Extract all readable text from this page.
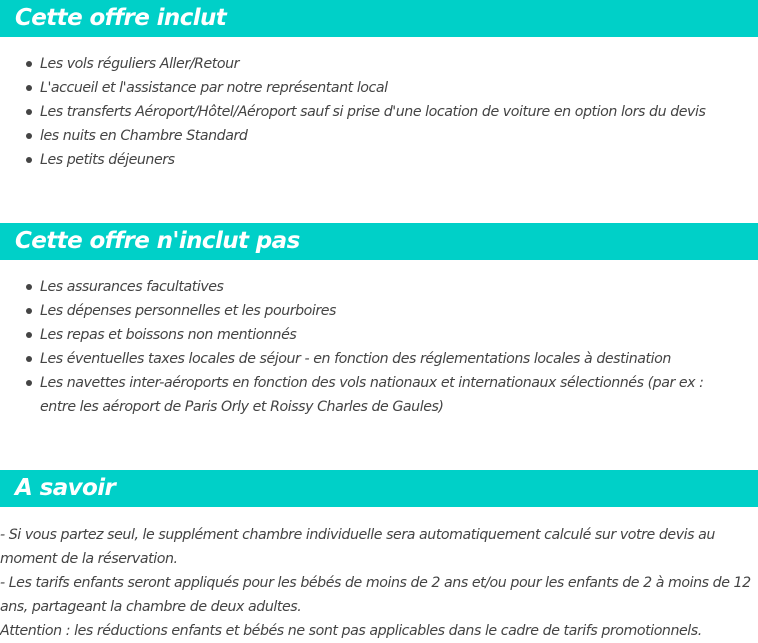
Cette offre inclut
Les vols réguliers Aller/Retour
L'accueil et l'assistance par notre représentant local
Les transferts Aéroport/Hôtel/Aéroport sauf si prise d'une location de voiture en option lors du devis
les nuits en Chambre Standard
Les petits déjeuners
Cette offre n'inclut pas
Les assurances facultatives
Les dépenses personnelles et les pourboires
Les repas et boissons non mentionnés
Les éventuelles taxes locales de séjour - en fonction des réglementations locales à destination
Les navettes inter-aéroports en fonction des vols nationaux et internationaux sélectionnés (par ex : entre les aéroport de Paris Orly et Roissy Charles de Gaules)
A savoir

- Si vous partez seul, le supplément chambre individuelle sera automatiquement calculé sur votre devis au moment de la réservation.

- Les tarifs enfants seront appliqués pour les bébés de moins de 2 ans et/ou pour les enfants de 2 à moins de 12 ans, partageant la chambre de deux adultes.

Attention : les réductions enfants et bébés ne sont pas applicables dans le cadre de tarifs promotionnels.
